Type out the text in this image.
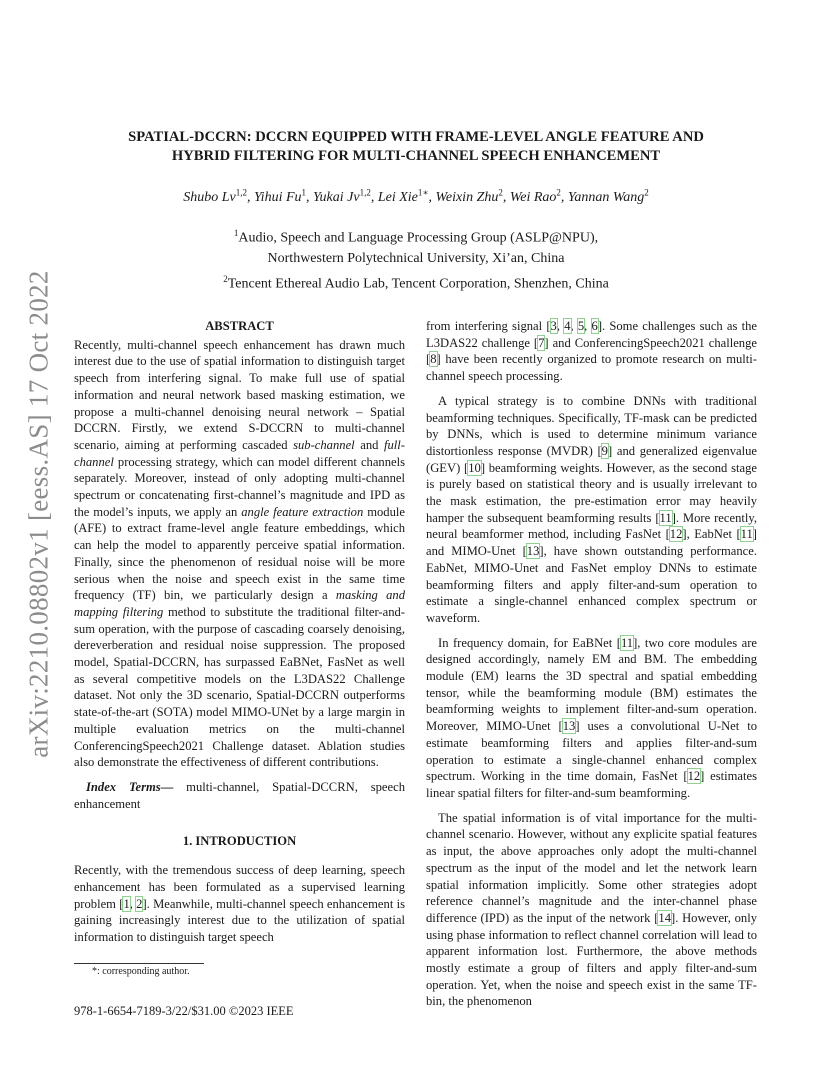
arXiv:2210.08802v1 [eess.AS] 17 Oct 2022
SPATIAL-DCCRN: DCCRN EQUIPPED WITH FRAME-LEVEL ANGLE FEATURE AND
HYBRID FILTERING FOR MULTI-CHANNEL SPEECH ENHANCEMENT
Shubo Lv$^{1,2}$, Yihui Fu$^1$, Yukai Jv$^{1,2}$, Lei Xie$^{1∗}$, Weixin Zhu$^2$, Wei Rao$^2$, Yannan Wang$^2$
$^1$Audio, Speech and Language Processing Group (ASLP@NPU),
Northwestern Polytechnical University, Xi’an, China
$^2$Tencent Ethereal Audio Lab, Tencent Corporation, Shenzhen, China
ABSTRACT

Recently, multi-channel speech enhancement has drawn much interest due to the use of spatial information to distinguish target speech from interfering signal. To make full use of spatial information and neural network based masking estimation, we propose a multi-channel denoising neural network – Spatial DCCRN. Firstly, we extend S-DCCRN to multi-channel scenario, aiming at performing cascaded sub-channel and full-channel processing strategy, which can model different channels separately. Moreover, instead of only adopting multi-channel spectrum or concatenating first-channel’s magnitude and IPD as the model’s inputs, we apply an angle feature extraction module (AFE) to extract frame-level angle feature embeddings, which can help the model to apparently perceive spatial information. Finally, since the phenomenon of residual noise will be more serious when the noise and speech exist in the same time frequency (TF) bin, we particularly design a masking and mapping filtering method to substitute the traditional filter-and-sum operation, with the purpose of cascading coarsely denoising, dereverberation and residual noise suppression. The proposed model, Spatial-DCCRN, has surpassed EaBNet, FasNet as well as several competitive models on the L3DAS22 Challenge dataset. Not only the 3D scenario, Spatial-DCCRN outperforms state-of-the-art (SOTA) model MIMO-UNet by a large margin in multiple evaluation metrics on the multi-channel ConferencingSpeech2021 Challenge dataset. Ablation studies also demonstrate the effectiveness of different contributions.

Index Terms— multi-channel, Spatial-DCCRN, speech enhancement

1. INTRODUCTION

Recently, with the tremendous success of deep learning, speech enhancement has been formulated as a supervised learning problem [1, 2]. Meanwhile, multi-channel speech enhancement is gaining increasingly interest due to the utilization of spatial information to distinguish target speech

from interfering signal [3, 4, 5, 6]. Some challenges such as the L3DAS22 challenge [7] and ConferencingSpeech2021 challenge [8] have been recently organized to promote research on multi-channel speech processing.

A typical strategy is to combine DNNs with traditional beamforming techniques. Specifically, TF-mask can be predicted by DNNs, which is used to determine minimum variance distortionless response (MVDR) [9] and generalized eigenvalue (GEV) [10] beamforming weights. However, as the second stage is purely based on statistical theory and is usually irrelevant to the mask estimation, the pre-estimation error may heavily hamper the subsequent beamforming results [11]. More recently, neural beamformer method, including FasNet [12], EabNet [11] and MIMO-Unet [13], have shown outstanding performance. EabNet, MIMO-Unet and FasNet employ DNNs to estimate beamforming filters and apply filter-and-sum operation to estimate a single-channel enhanced complex spectrum or waveform.

In frequency domain, for EaBNet [11], two core modules are designed accordingly, namely EM and BM. The embedding module (EM) learns the 3D spectral and spatial embedding tensor, while the beamforming module (BM) estimates the beamforming weights to implement filter-and-sum operation. Moreover, MIMO-Unet [13] uses a convolutional U-Net to estimate beamforming filters and applies filter-and-sum operation to estimate a single-channel enhanced complex spectrum. Working in the time domain, FasNet [12] estimates linear spatial filters for filter-and-sum beamforming.

The spatial information is of vital importance for the multi-channel scenario. However, without any explicite spatial features as input, the above approaches only adopt the multi-channel spectrum as the input of the model and let the network learn spatial information implicitly. Some other strategies adopt reference channel’s magnitude and the inter-channel phase difference (IPD) as the input of the network [14]. However, only using phase information to reflect channel correlation will lead to apparent information lost. Furthermore, the above methods mostly estimate a group of filters and apply filter-and-sum operation. Yet, when the noise and speech exist in the same TF-bin, the phenomenon

*: corresponding author.
978-1-6654-7189-3/22/$31.00 ©2023 IEEE
